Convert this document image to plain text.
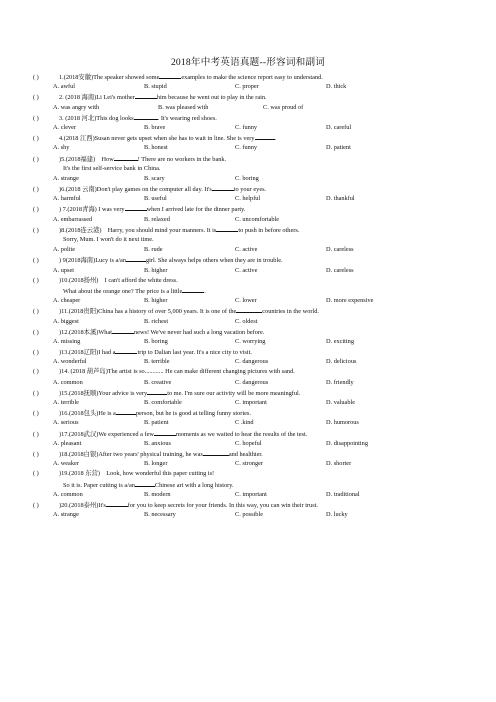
2018年中考英语真题--形容词和副词
( )	1.(2018安徽)The speaker showed some	examples to make the science report easy to understand.
A. awful	B. stupid	C. proper	D. thick
( )	2. (2018 海南)Li Lei's mother	him because he went out to play in the rain.
A. was angry with	B. was pleased with	C. was proud of
( )	3. (2018 河北)This dog looks	. It's wearing red shoes.
A. clever	B. brave	C. funny	D. careful
( )	4.(2018 江西)Susan never gets upset when she has to wait in line. She is very	.
A. shy	B. honest	C. funny	D. patient
( )	)5.(2018福建)　How	! There are no workers in the bank.
It's the first self-service bank in China.
A. strange	B. scary	C. boring
( )	)6.(2018 云南)Don't play games on the computer all day. It's	to your eyes.
A. harmful	B. useful	C. helpful	D. thankful
( )	) 7.(2018青海) I was very	when I arrived late for the dinner party.
A. embarrassed	B. relaxed	C. uncomfortable
( )	)8.(2018连云港)　Harry, you should mind your manners. It is	to push in before others.
Sorry, Mum. I won't do it next time.
A. polite	B. rude	C. active	D. careless
( )	) 9(2018海南)Lucy is a/an	girl. She always helps others when they are in trouble.
A. upset	B. higher	C. active	D. careless
( )	)10.(2018扬州)　I can't afford the white dress.
What about the orange one? The price is a little	.
A. cheaper	B. higher	C. lower	D. more expensive
( )	)11.(2018贵阳)China has a history of over 5,000 years. It is one of the	countries in the world.
A. biggest	B. richest	C. oldest
( )	)12.(2018本溪)What	news! We've never had such a long vacation before.
A. missing	B. boring	C. worrying	D. exciting
( )	)13.(2018辽阳)I had a	trip to Dalian last year. It's a nice city to visit.
A. wonderful	B. terrible	C. dangerous	D. delicious
( )	)14. (2018 葫芦岛)The artist is so............ He can make different changing pictures with sand.
A. common	B. creative	C. dangerous	D. friendly
( )	)15.(2018抚顺)Your advice is very	to me. I'm sure our activity will be more meaningful.
A. terrible	B. comfortable	C. important	D. valuable
( )	)16.(2018包头)He is a	person, but he is good at telling funny stories.
A. serious	B. patient	C .kind	D. humorous
( )	)17.(2018武汉)We experienced a few	moments as we waited to hear the results of the test.
A. pleasant	B. anxious	C. hopeful	D. disappointing
( )	)18.(2018白银)After two years' physical training, he was	and healthier.
A. weaker	B. longer	C. stronger	D. shorter
( )	)19.(2018 东营)　Look, how wonderful this paper cutting is!
So it is. Paper cutting is a/an	Chinese art with a long history.
A. common	B. modern	C. important	D. traditional
( )	)20.(2018泰州)It's	for you to keep secrets for your friends. In this way, you can win their trust.
A. strange	B. necessary	C. possible	D. lucky
